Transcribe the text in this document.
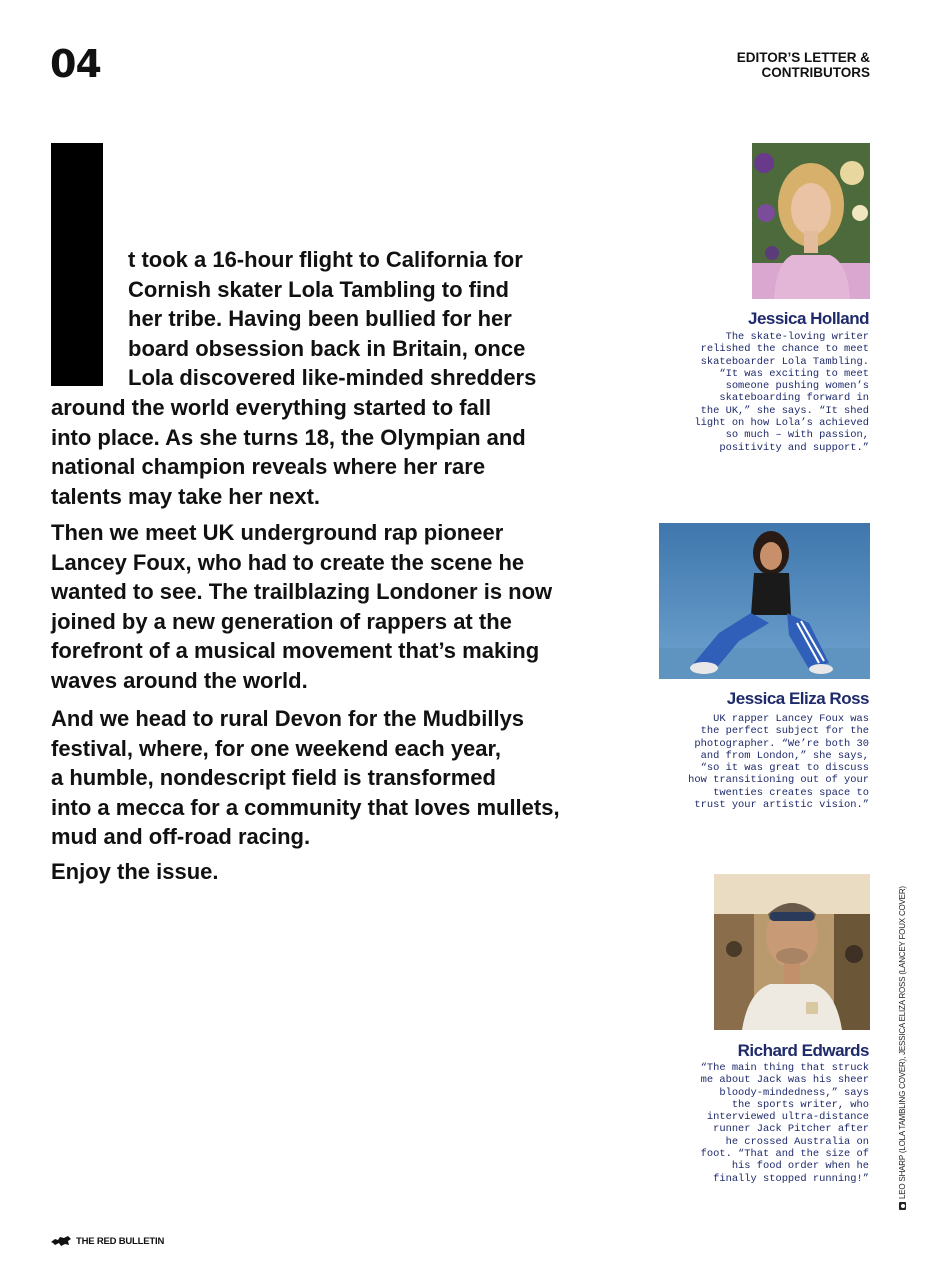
04	EDITOR’S LETTER & CONTRIBUTORS
t took a 16-hour flight to California for
Cornish skater Lola Tambling to find
her tribe. Having been bullied for her
board obsession back in Britain, once
Lola discovered like-minded shredders
around the world everything started to fall
into place. As she turns 18, the Olympian and
national champion reveals where her rare
talents may take her next.
Then we meet UK underground rap pioneer
Lancey Foux, who had to create the scene he
wanted to see. The trailblazing Londoner is now
joined by a new generation of rappers at the
forefront of a musical movement that’s making
waves around the world.
And we head to rural Devon for the Mudbillys
festival, where, for one weekend each year,
a humble, nondescript field is transformed
into a mecca for a community that loves mullets,
mud and off-road racing.
Enjoy the issue.
Jessica Holland
The skate-loving writer
relished the chance to meet
skateboarder Lola Tambling.
“It was exciting to meet
someone pushing women’s
skateboarding forward in
the UK,” she says. “It shed
light on how Lola’s achieved
so much – with passion,
positivity and support.”
Jessica Eliza Ross
UK rapper Lancey Foux was
the perfect subject for the
photographer. “We’re both 30
and from London,” she says,
“so it was great to discuss
how transitioning out of your
twenties creates space to
trust your artistic vision.”
Richard Edwards
“The main thing that struck
me about Jack was his sheer
bloody-mindedness,” says
the sports writer, who
interviewed ultra-distance
runner Jack Pitcher after
he crossed Australia on
foot. “That and the size of
his food order when he
finally stopped running!”	LEO SHARP (LOLA TAMBLING COVER), JESSICA ELIZA ROSS (LANCEY FOUX COVER)
THE RED BULLETIN
